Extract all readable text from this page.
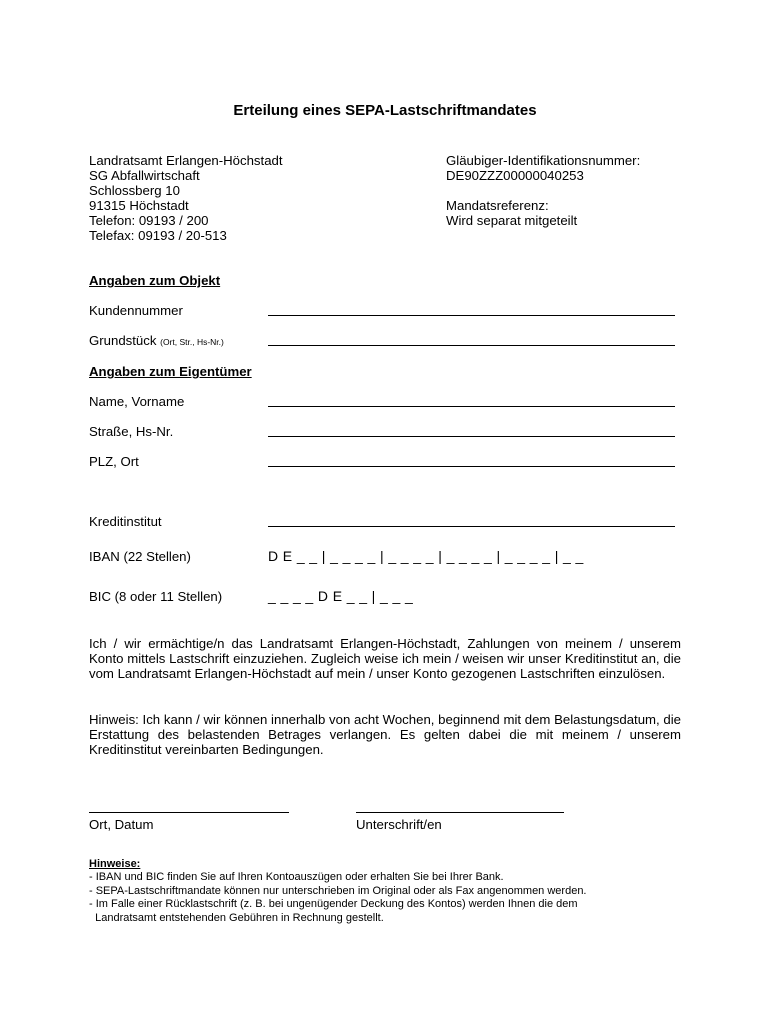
Erteilung eines SEPA-Lastschriftmandates
Landratsamt Erlangen-Höchstadt
SG Abfallwirtschaft
Schlossberg 10
91315 Höchstadt
Telefon: 09193 / 200
Telefax: 09193 / 20-513
Gläubiger-Identifikationsnummer:
DE90ZZZ00000040253
Mandatsreferenz:
Wird separat mitgeteilt
Angaben zum Objekt
Kundennummer
Grundstück (Ort, Str., Hs-Nr.)
Angaben zum Eigentümer
Name, Vorname
Straße, Hs-Nr.
PLZ, Ort
Kreditinstitut
IBAN (22 Stellen)	D E _ _ | _ _ _ _ | _ _ _ _ | _ _ _ _ | _ _ _ _ | _ _
BIC (8 oder 11 Stellen)	_ _ _ _ D E _ _ | _ _ _
Ich / wir ermächtige/n das Landratsamt Erlangen-Höchstadt, Zahlungen von meinem / unserem Konto mittels Lastschrift einzuziehen. Zugleich weise ich mein / weisen wir unser Kreditinstitut an, die vom Landratsamt Erlangen-Höchstadt auf mein / unser Konto gezogenen Lastschriften einzulösen.
Hinweis: Ich kann / wir können innerhalb von acht Wochen, beginnend mit dem Belastungsdatum, die Erstattung des belastenden Betrages verlangen. Es gelten dabei die mit meinem / unserem Kreditinstitut vereinbarten Bedingungen.
Ort, Datum	Unterschrift/en
Hinweise:
- IBAN und BIC finden Sie auf Ihren Kontoauszügen oder erhalten Sie bei Ihrer Bank.
- SEPA-Lastschriftmandate können nur unterschrieben im Original oder als Fax angenommen werden.
- Im Falle einer Rücklastschrift (z. B. bei ungenügender Deckung des Kontos) werden Ihnen die dem
Landratsamt entstehenden Gebühren in Rechnung gestellt.
